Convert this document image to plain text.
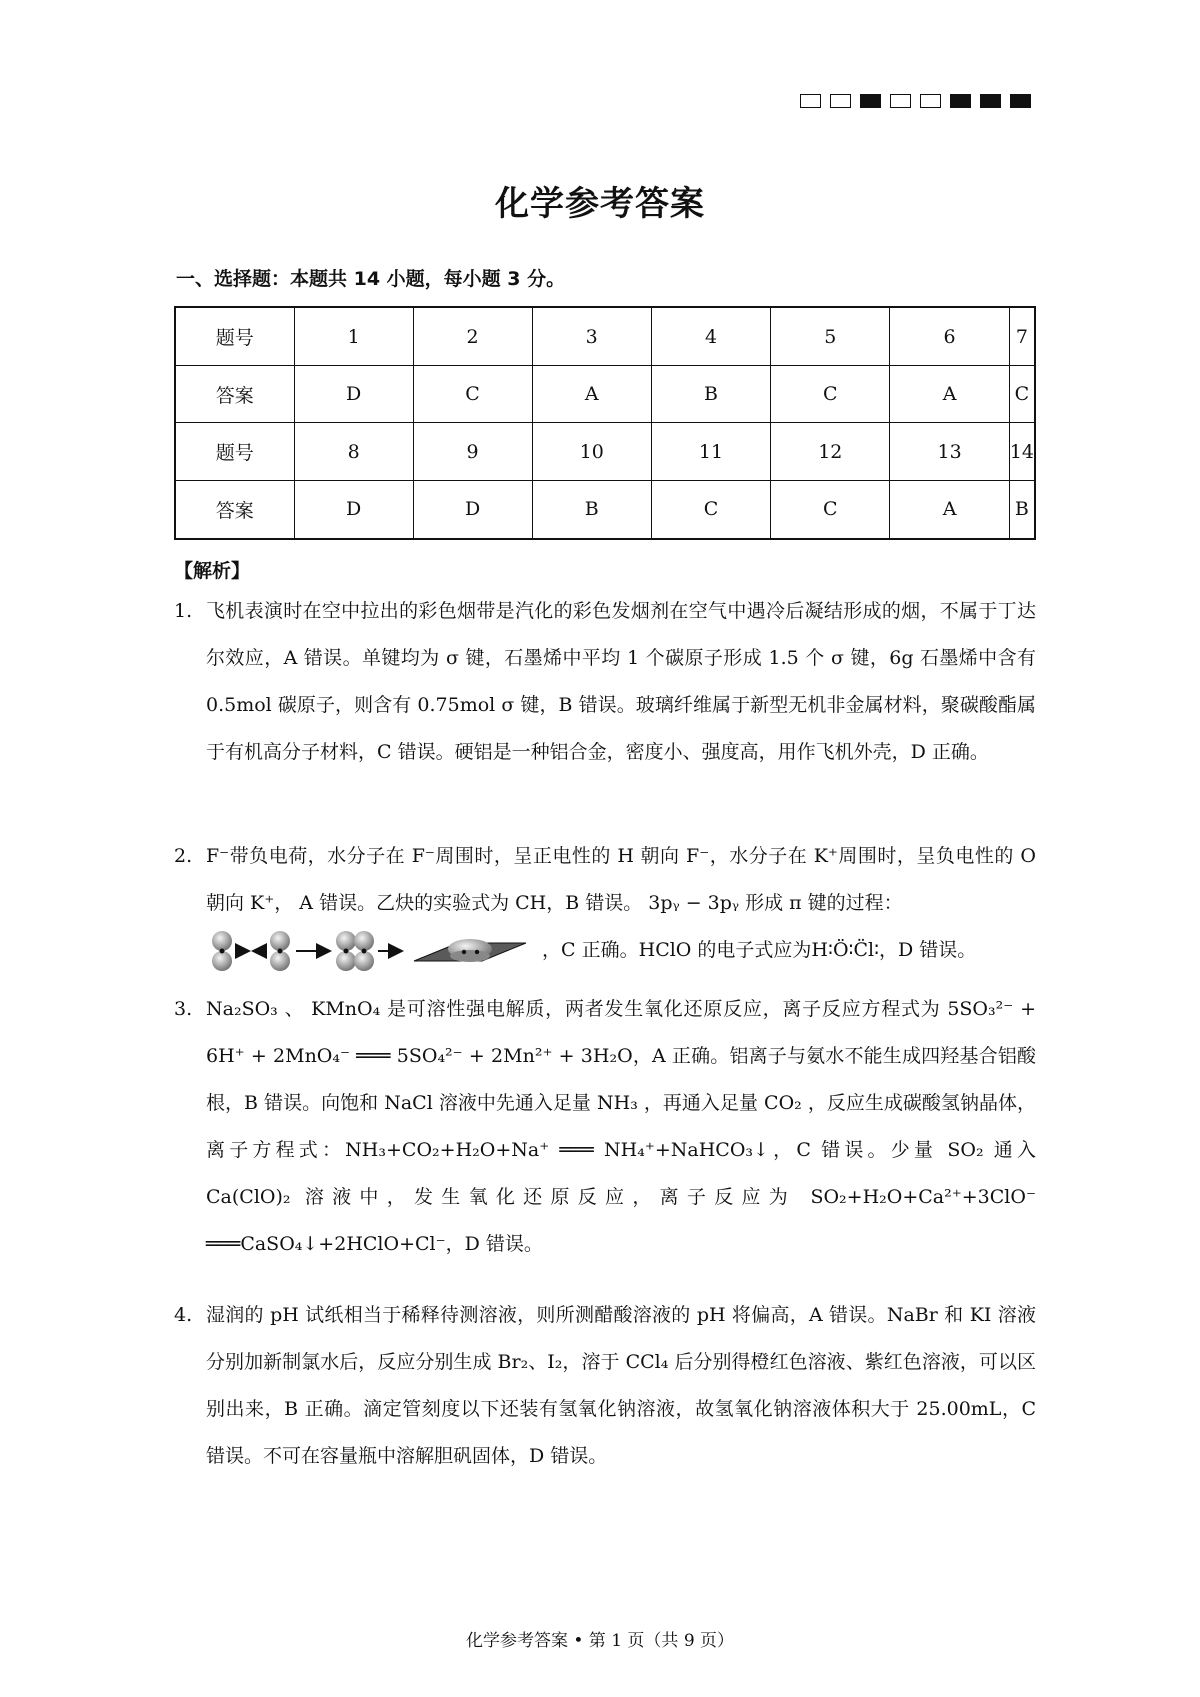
化学参考答案
一、选择题：本题共 14 小题，每小题 3 分。
题号	1	2	3	4	5	6	7
答案	D	C	A	B	C	A	C
题号	8	9	10	11	12	13	14
答案	D	D	B	C	C	A	B
【解析】
1. 飞机表演时在空中拉出的彩色烟带是汽化的彩色发烟剂在空气中遇冷后凝结形成的烟，不属于丁达尔效应，A 错误。单键均为 σ 键，石墨烯中平均 1 个碳原子形成 1.5 个 σ 键，6g 石墨烯中含有 0.5mol 碳原子，则含有 0.75mol σ 键，B 错误。玻璃纤维属于新型无机非金属材料，聚碳酸酯属于有机高分子材料，C 错误。硬铝是一种铝合金，密度小、强度高，用作飞机外壳，D 正确。
2. F⁻带负电荷，水分子在 F⁻周围时，呈正电性的 H 朝向 F⁻，水分子在 K⁺周围时，呈负电性的 O 朝向 K⁺， A 错误。乙炔的实验式为 CH，B 错误。 3pᵧ − 3pᵧ 形成 π 键的过程：

，C 正确。HClO 的电子式应为H∶Ö∶C̈l∶，D 错误。
3. Na₂SO₃ 、 KMnO₄ 是可溶性强电解质，两者发生氧化还原反应，离子反应方程式为 5SO₃²⁻ + 6H⁺ + 2MnO₄⁻ ═══ 5SO₄²⁻ + 2Mn²⁺ + 3H₂O，A 正确。铝离子与氨水不能生成四羟基合铝酸根，B 错误。向饱和 NaCl 溶液中先通入足量 NH₃ ，再通入足量 CO₂ ，反应生成碳酸氢钠晶体，离子方程式：NH₃+CO₂+H₂O+Na⁺ ═══ NH₄⁺+NaHCO₃↓，C 错误。少量 SO₂ 通入 Ca(ClO)₂ 溶液中，发生氧化还原反应，离子反应为 SO₂+H₂O+Ca²⁺+3ClO⁻ ═══CaSO₄↓+2HClO+Cl⁻，D 错误。
4. 湿润的 pH 试纸相当于稀释待测溶液，则所测醋酸溶液的 pH 将偏高，A 错误。NaBr 和 KI 溶液分别加新制氯水后，反应分别生成 Br₂、I₂，溶于 CCl₄ 后分别得橙红色溶液、紫红色溶液，可以区别出来，B 正确。滴定管刻度以下还装有氢氧化钠溶液，故氢氧化钠溶液体积大于 25.00mL，C 错误。不可在容量瓶中溶解胆矾固体，D 错误。
化学参考答案 • 第 1 页（共 9 页）
